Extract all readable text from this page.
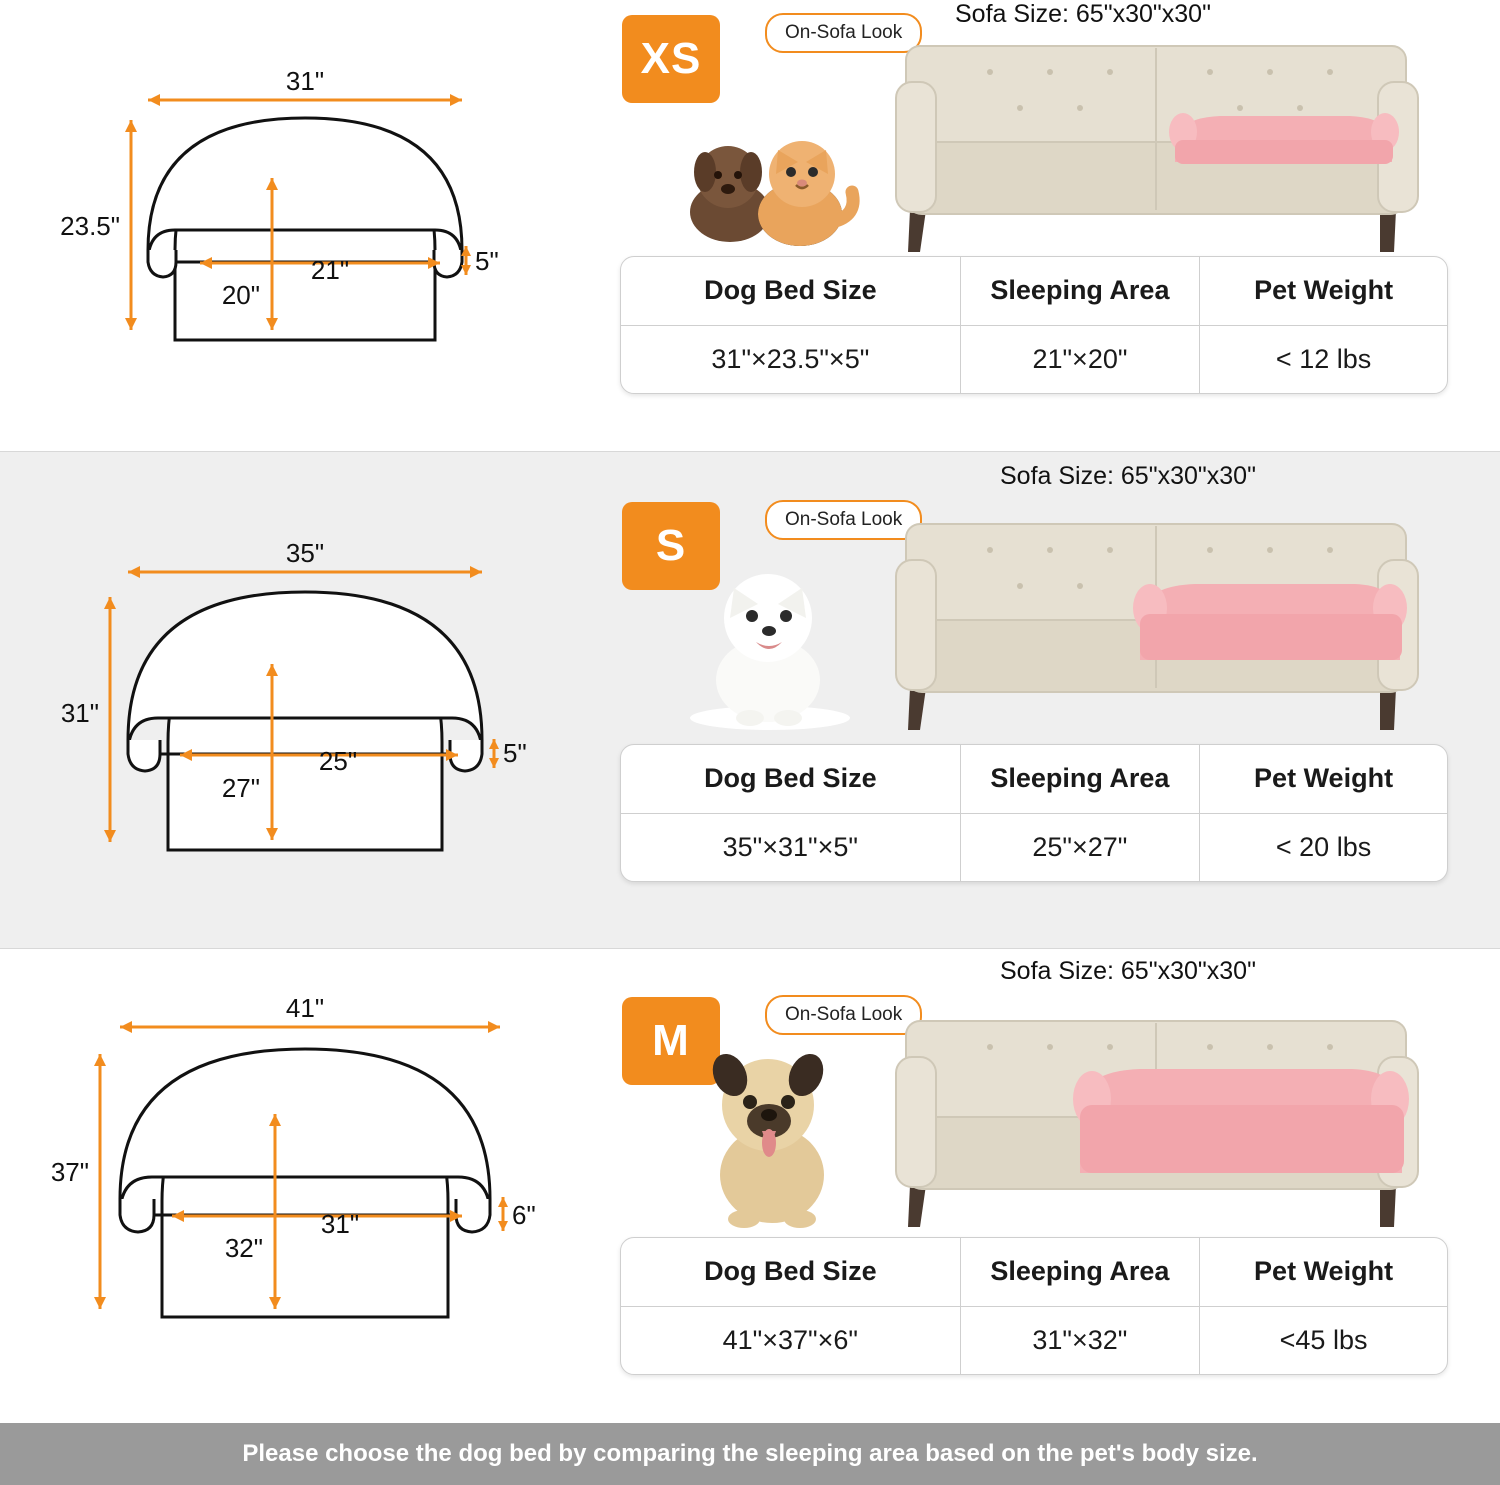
31"
23.5"
21"
20"
5"
XS
On-Sofa Look
Sofa Size: 65"x30"x30"
Dog Bed Size	Sleeping Area	Pet Weight
31"×23.5"×5"	21"×20"	< 12 lbs
35"
31"
25"
27"
5"
S
On-Sofa Look
Sofa Size: 65"x30"x30"
Dog Bed Size	Sleeping Area	Pet Weight
35"×31"×5"	25"×27"	< 20 lbs
41"
37"
31"
32"
6"
M
On-Sofa Look
Sofa Size: 65"x30"x30"
Dog Bed Size	Sleeping Area	Pet Weight
41"×37"×6"	31"×32"	<45 lbs
Please choose the dog bed by comparing the sleeping area based on the pet's body size.
